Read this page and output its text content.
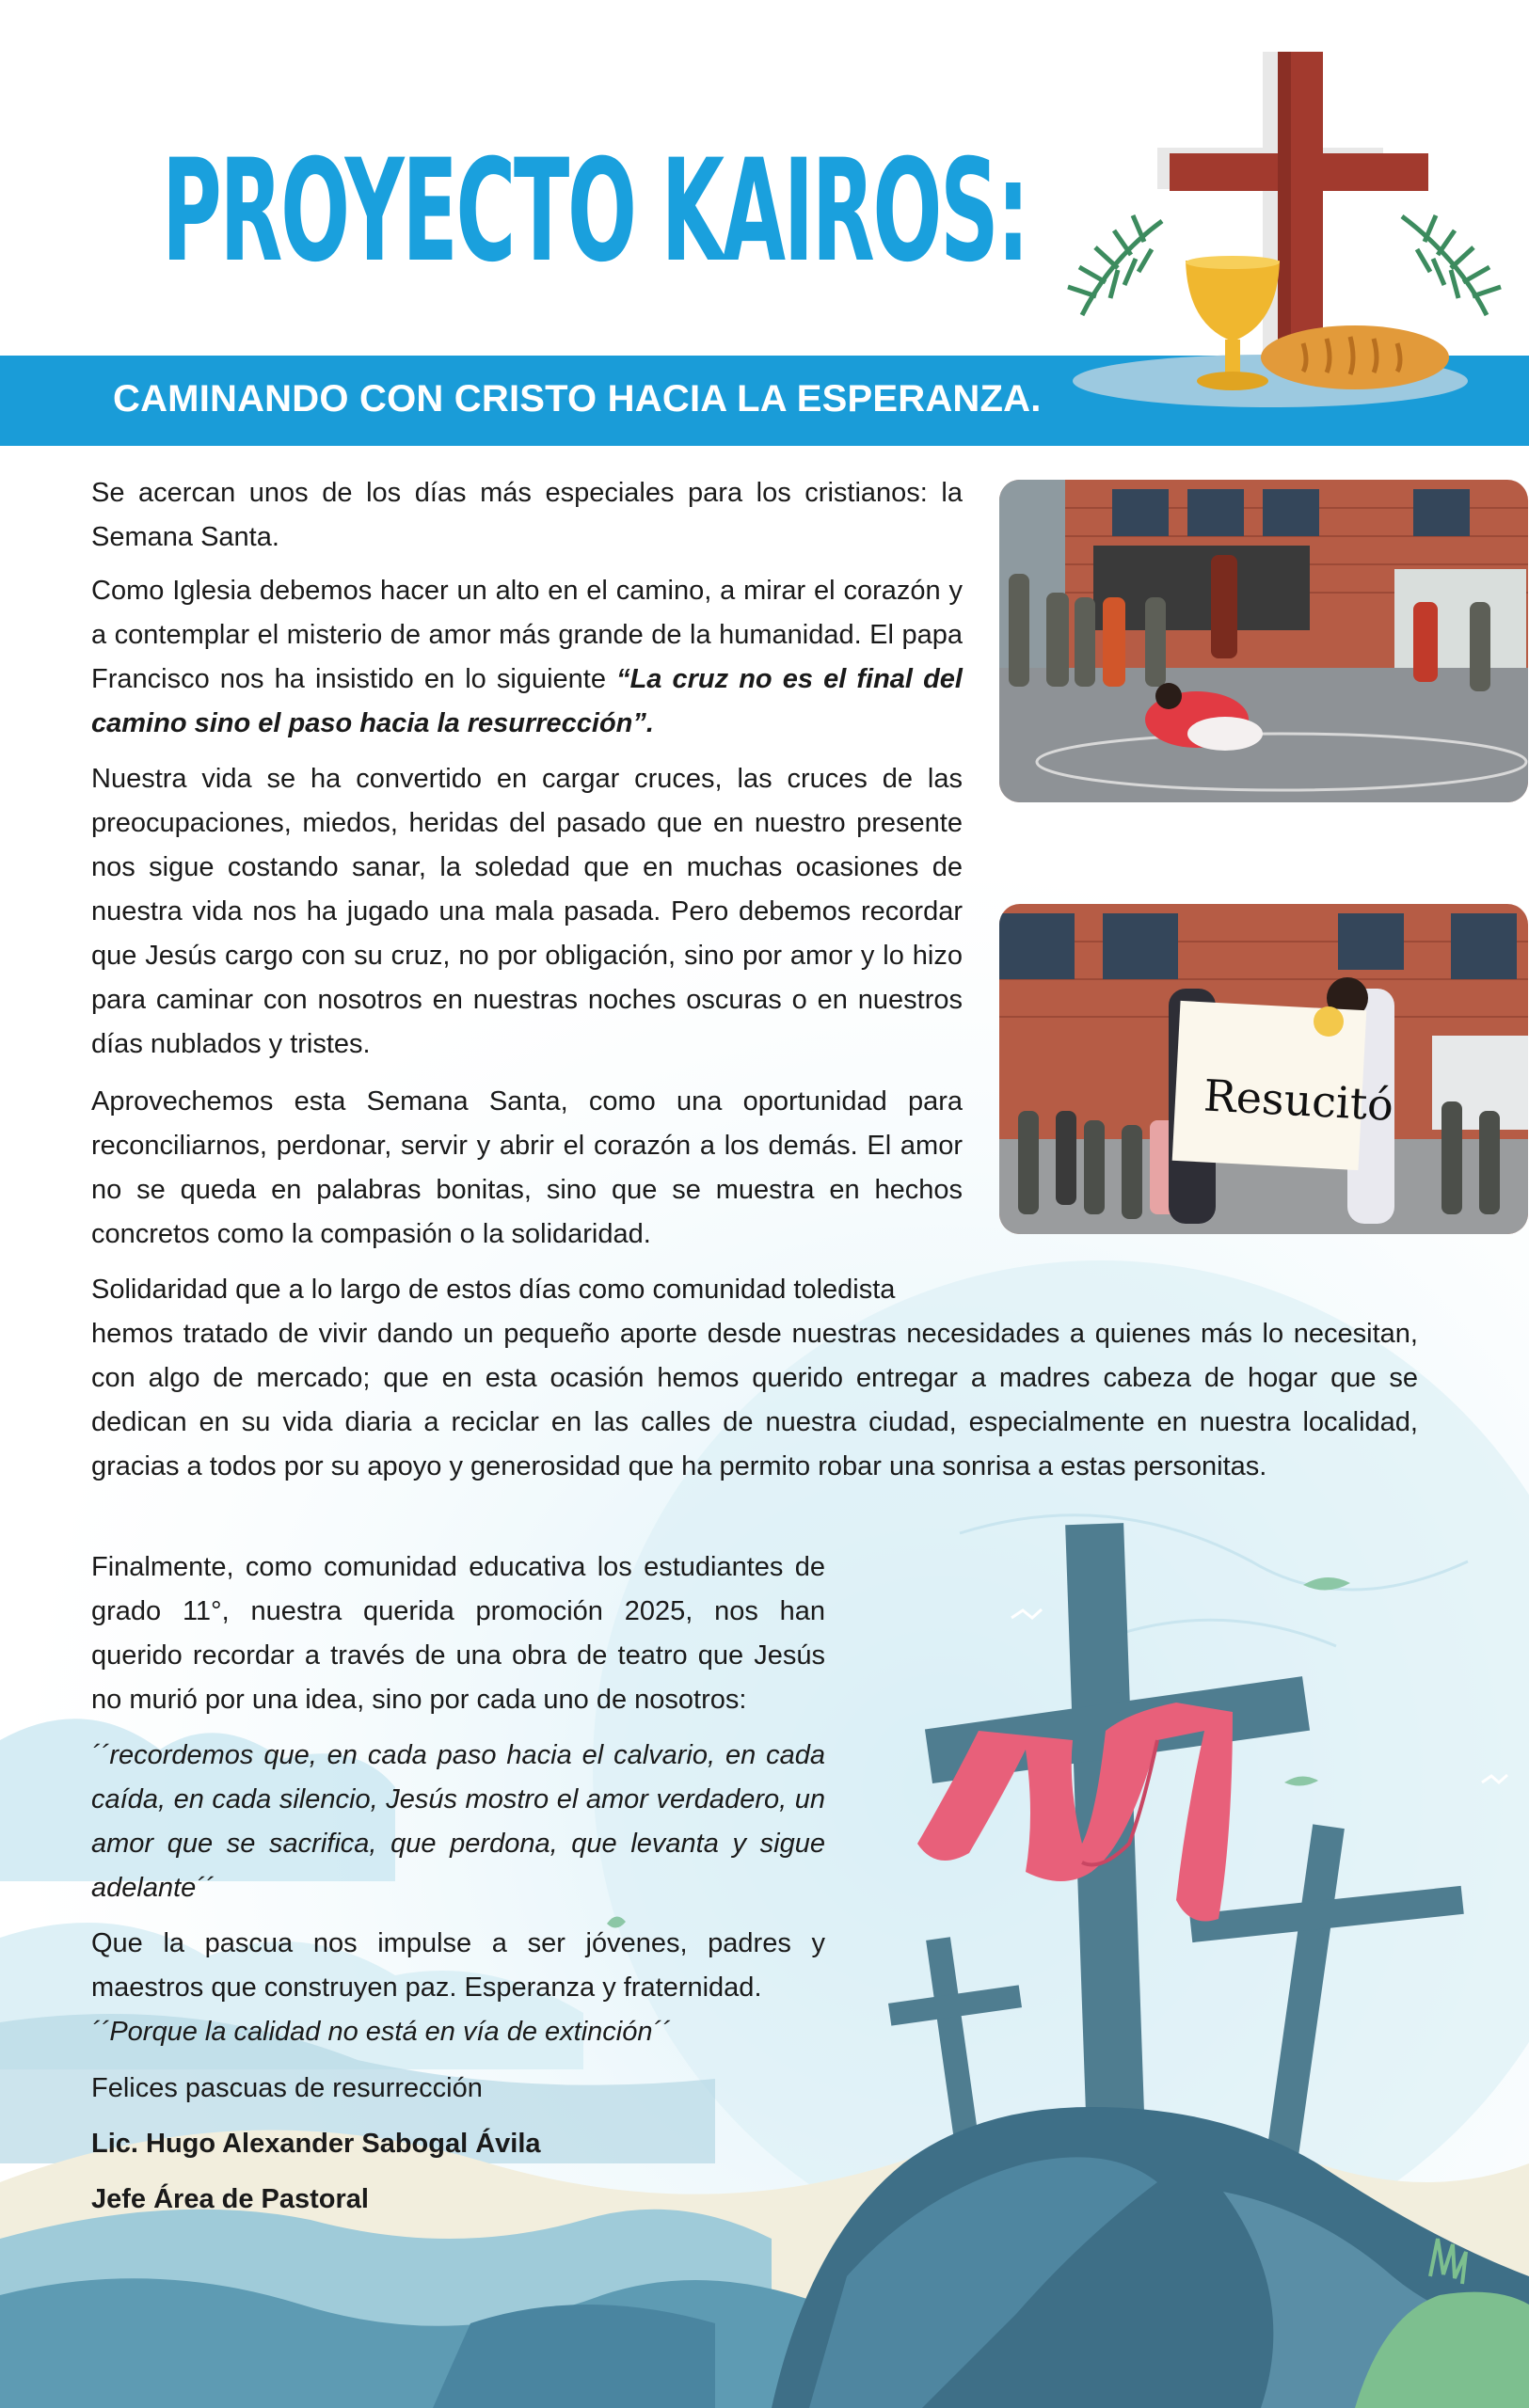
PROYECTO KAIROS:
CAMINANDO CON CRISTO HACIA LA ESPERANZA.

Se acercan unos de los días más especiales para los cristianos: la Semana Santa.

Como Iglesia debemos hacer un alto en el camino, a mirar el corazón y a contemplar el misterio de amor más grande de la humanidad. El papa Francisco nos ha insistido en lo siguiente “La cruz no es el final del camino sino el paso hacia la resurrección”.

Nuestra vida se ha convertido en cargar cruces, las cruces de las preocupaciones, miedos, heridas del pasado que en nuestro presente nos sigue costando sanar, la soledad que en muchas ocasiones de nuestra vida nos ha jugado una mala pasada. Pero debemos recordar que Jesús cargo con su cruz, no por obligación, sino por amor y lo hizo para caminar con nosotros en nuestras noches oscuras o en nuestros días nublados y tristes.

Aprovechemos esta Semana Santa, como una oportunidad para reconciliarnos, perdonar, servir y abrir el corazón a los demás. El amor no se queda en palabras bonitas, sino que se muestra en hechos concretos como la compasión o la solidaridad.

Solidaridad que a lo largo de estos días como comunidad toledista

hemos tratado de vivir dando un pequeño aporte desde nuestras necesidades a quienes más lo necesitan, con algo de mercado; que en esta ocasión hemos querido entregar a madres cabeza de hogar que se dedican en su vida diaria a reciclar en las calles de nuestra ciudad, especialmente en nuestra localidad, gracias a todos por su apoyo y generosidad que ha permito robar una sonrisa a estas personitas.

Finalmente, como comunidad educativa los estudiantes de grado 11°, nuestra querida promoción 2025, nos han querido recordar a través de una obra de teatro que Jesús no murió por una idea, sino por cada uno de nosotros:

´´recordemos que, en cada paso hacia el calvario, en cada caída, en cada silencio, Jesús mostro el amor verdadero, un amor que se sacrifica, que perdona, que levanta y sigue adelante´´

Que la pascua nos impulse a ser jóvenes, padres y maestros que construyen paz. Esperanza y fraternidad.
´´Porque la calidad no está en vía de extinción´´

Felices pascuas de resurrección

Lic. Hugo Alexander Sabogal Ávila

Jefe Área de Pastoral

Resucitó
